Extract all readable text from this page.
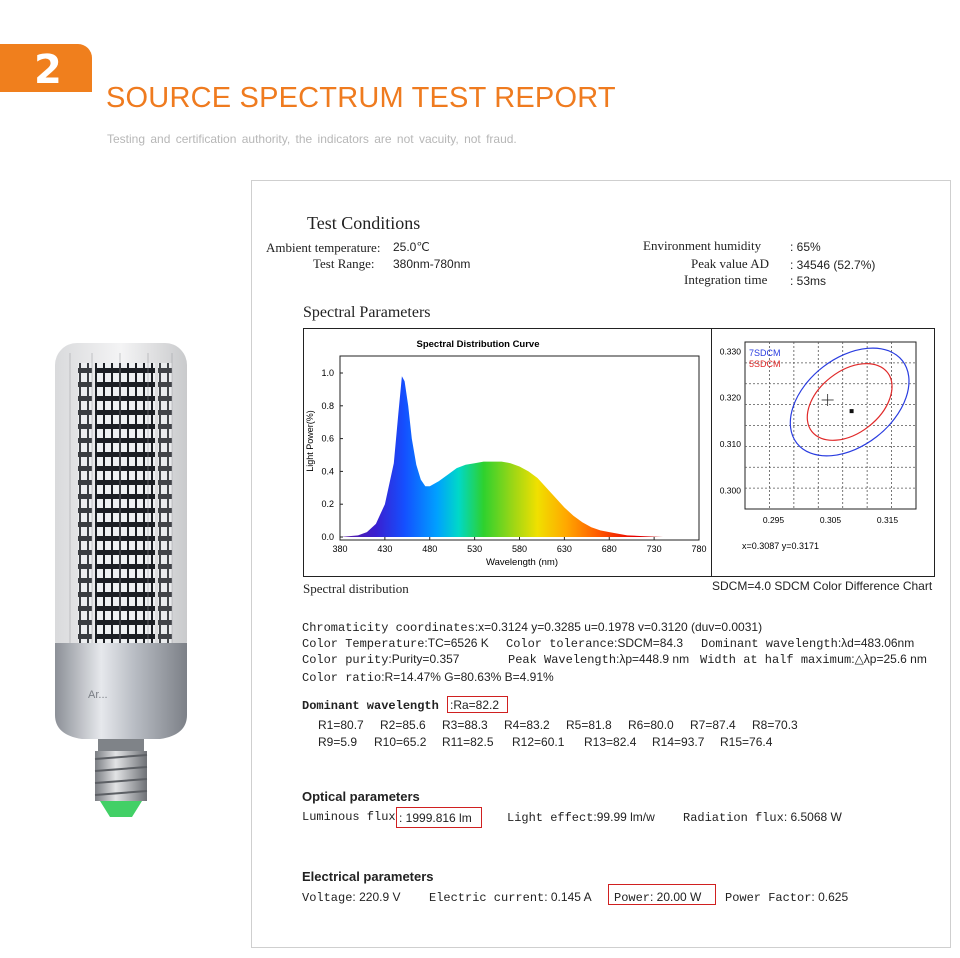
2
SOURCE SPECTRUM TEST REPORT
Testing and certification authority, the indicators are not vacuity, not fraud.
Ar...
Test Conditions
Ambient temperature: 25.0℃
Test Range: 380nm-780nm
Environment humidity : 65%
Peak value AD : 34546 (52.7%)
Integration time : 53ms
Spectral Parameters
Spectral Distribution Curve
380	430	480	530	580	630	680	730	780
0.0
0.2
0.4
0.6
0.8
1.0
Wavelength (nm)
Light Power(%)
0.295	0.305	0.315
0.330
0.320
0.310
0.300
7SDCM
5SDCM
x=0.3087 y=0.3171
Spectral distribution	SDCM=4.0 SDCM Color Difference Chart
Chromaticity coordinates:x=0.3124 y=0.3285 u=0.1978 v=0.3120 (duv=0.0031)
Color Temperature:TC=6526 K Color tolerance:SDCM=84.3 Dominant wavelength:λd=483.06nm
Color purity:Purity=0.357	Peak Wavelength:λp=448.9 nm Width at half maximum:△λp=25.6 nm
Color ratio:R=14.47% G=80.63% B=4.91%
Dominant wavelength :Ra=82.2
R1=80.7 R2=85.6 R3=88.3 R4=83.2 R5=81.8 R6=80.0 R7=87.4 R8=70.3
R9=5.9 R10=65.2 R11=82.5 R12=60.1 R13=82.4 R14=93.7 R15=76.4
Optical parameters
Luminous flux : 1999.816 lm	Light effect:99.99 lm/w Radiation flux: 6.5068 W
Electrical parameters
Voltage: 220.9 V Electric current: 0.145 A Power: 20.00 W Power Factor: 0.625
